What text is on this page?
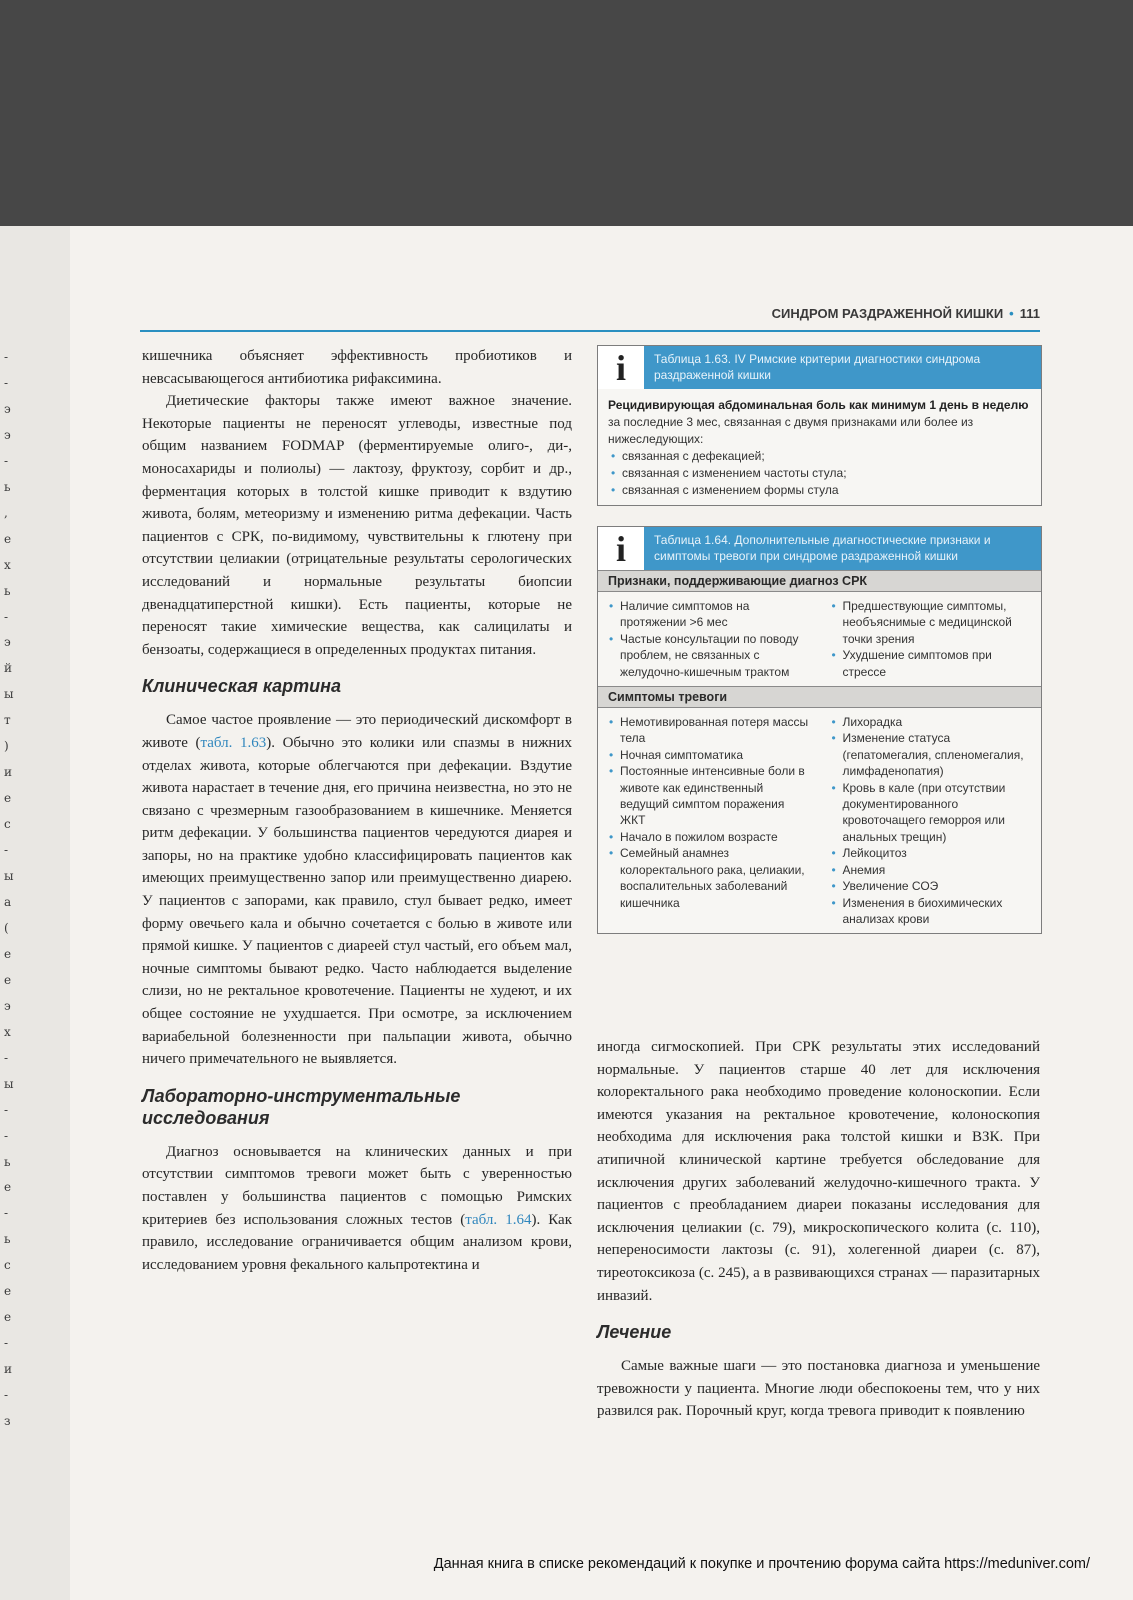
СИНДРОМ РАЗДРАЖЕННОЙ КИШКИ • 111

кишечника объясняет эффективность пробиотиков и невсасывающегося антибиотика рифаксимина.

Диетические факторы также имеют важное значение. Некоторые пациенты не переносят углеводы, известные под общим названием FODMAP (ферментируемые олиго-, ди-, моносахариды и полиолы) — лактозу, фруктозу, сорбит и др., ферментация которых в толстой кишке приводит к вздутию живота, болям, метеоризму и изменению ритма дефекации. Часть пациентов с СРК, по-видимому, чувствительны к глютену при отсутствии целиакии (отрицательные результаты серологических исследований и нормальные результаты биопсии двенадцатиперстной кишки). Есть пациенты, которые не переносят такие химические вещества, как салицилаты и бензоаты, содержащиеся в определенных продуктах питания.

Клиническая картина

Самое частое проявление — это периодический дискомфорт в животе (табл. 1.63). Обычно это колики или спазмы в нижних отделах живота, которые облегчаются при дефекации. Вздутие живота нарастает в течение дня, его причина неизвестна, но это не связано с чрезмерным газообразованием в кишечнике. Меняется ритм дефекации. У большинства пациентов чередуются диарея и запоры, но на практике удобно классифицировать пациентов как имеющих преимущественно запор или преимущественно диарею. У пациентов с запорами, как правило, стул бывает редко, имеет форму овечьего кала и обычно сочетается с болью в животе или прямой кишке. У пациентов с диареей стул частый, его объем мал, ночные симптомы бывают редко. Часто наблюдается выделение слизи, но не ректальное кровотечение. Пациенты не худеют, и их общее состояние не ухудшается. При осмотре, за исключением вариабельной болезненности при пальпации живота, обычно ничего примечательного не выявляется.

Лабораторно-инструментальные исследования

Диагноз основывается на клинических данных и при отсутствии симптомов тревоги может быть с уверенностью поставлен у большинства пациентов с помощью Римских критериев без использования сложных тестов (табл. 1.64). Как правило, исследование ограничивается общим анализом крови, исследованием уровня фекального кальпротектина и

i	Таблица 1.63. IV Римские критерии диагностики синдрома раздраженной кишки
Рецидивирующая абдоминальная боль как минимум 1 день в неделю за последние 3 мес, связанная с двумя признаками или более из нижеследующих:
• связанная с дефекацией;
• связанная с изменением частоты стула;
• связанная с изменением формы стула
i	Таблица 1.64. Дополнительные диагностические признаки и симптомы тревоги при синдроме раздраженной кишки
Признаки, поддерживающие диагноз СРК
• Наличие симптомов на протяжении >6 мес
• Частые консультации по поводу проблем, не связанных с желудочно-кишечным трактом
• Предшествующие симптомы, необъяснимые с медицинской точки зрения
• Ухудшение симптомов при стрессе
Симптомы тревоги
• Немотивированная потеря массы тела
• Ночная симптоматика
• Постоянные интенсивные боли в животе как единственный ведущий симптом поражения ЖКТ
• Начало в пожилом возрасте
• Семейный анамнез колоректального рака, целиакии, воспалительных заболеваний кишечника
• Лихорадка
• Изменение статуса (гепатомегалия, спленомегалия, лимфаденопатия)
• Кровь в кале (при отсутствии документированного кровоточащего геморроя или анальных трещин)
• Лейкоцитоз
• Анемия
• Увеличение СОЭ
• Изменения в биохимических анализах крови

иногда сигмоскопией. При СРК результаты этих исследований нормальные. У пациентов старше 40 лет для исключения колоректального рака необходимо проведение колоноскопии. Если имеются указания на ректальное кровотечение, колоноскопия необходима для исключения рака толстой кишки и ВЗК. При атипичной клинической картине требуется обследование для исключения других заболеваний желудочно-кишечного тракта. У пациентов с преобладанием диареи показаны исследования для исключения целиакии (с. 79), микроскопического колита (с. 110), непереносимости лактозы (с. 91), холегенной диареи (с. 87), тиреотоксикоза (с. 245), а в развивающихся странах — паразитарных инвазий.

Лечение

Самые важные шаги — это постановка диагноза и уменьшение тревожности у пациента. Многие люди обеспокоены тем, что у них развился рак. Порочный круг, когда тревога приводит к появлению

Данная книга в списке рекомендаций к покупке и прочтению форума сайта https://meduniver.com/
-
-
э
э
-
ь
,
е
х
ь
-
э
й
ы
т
)
и
е
с
-
ы
а
(
е
е
э
х
-
ы
-
-
ь
е
-
ь
с
е
е
-
и
-
з
